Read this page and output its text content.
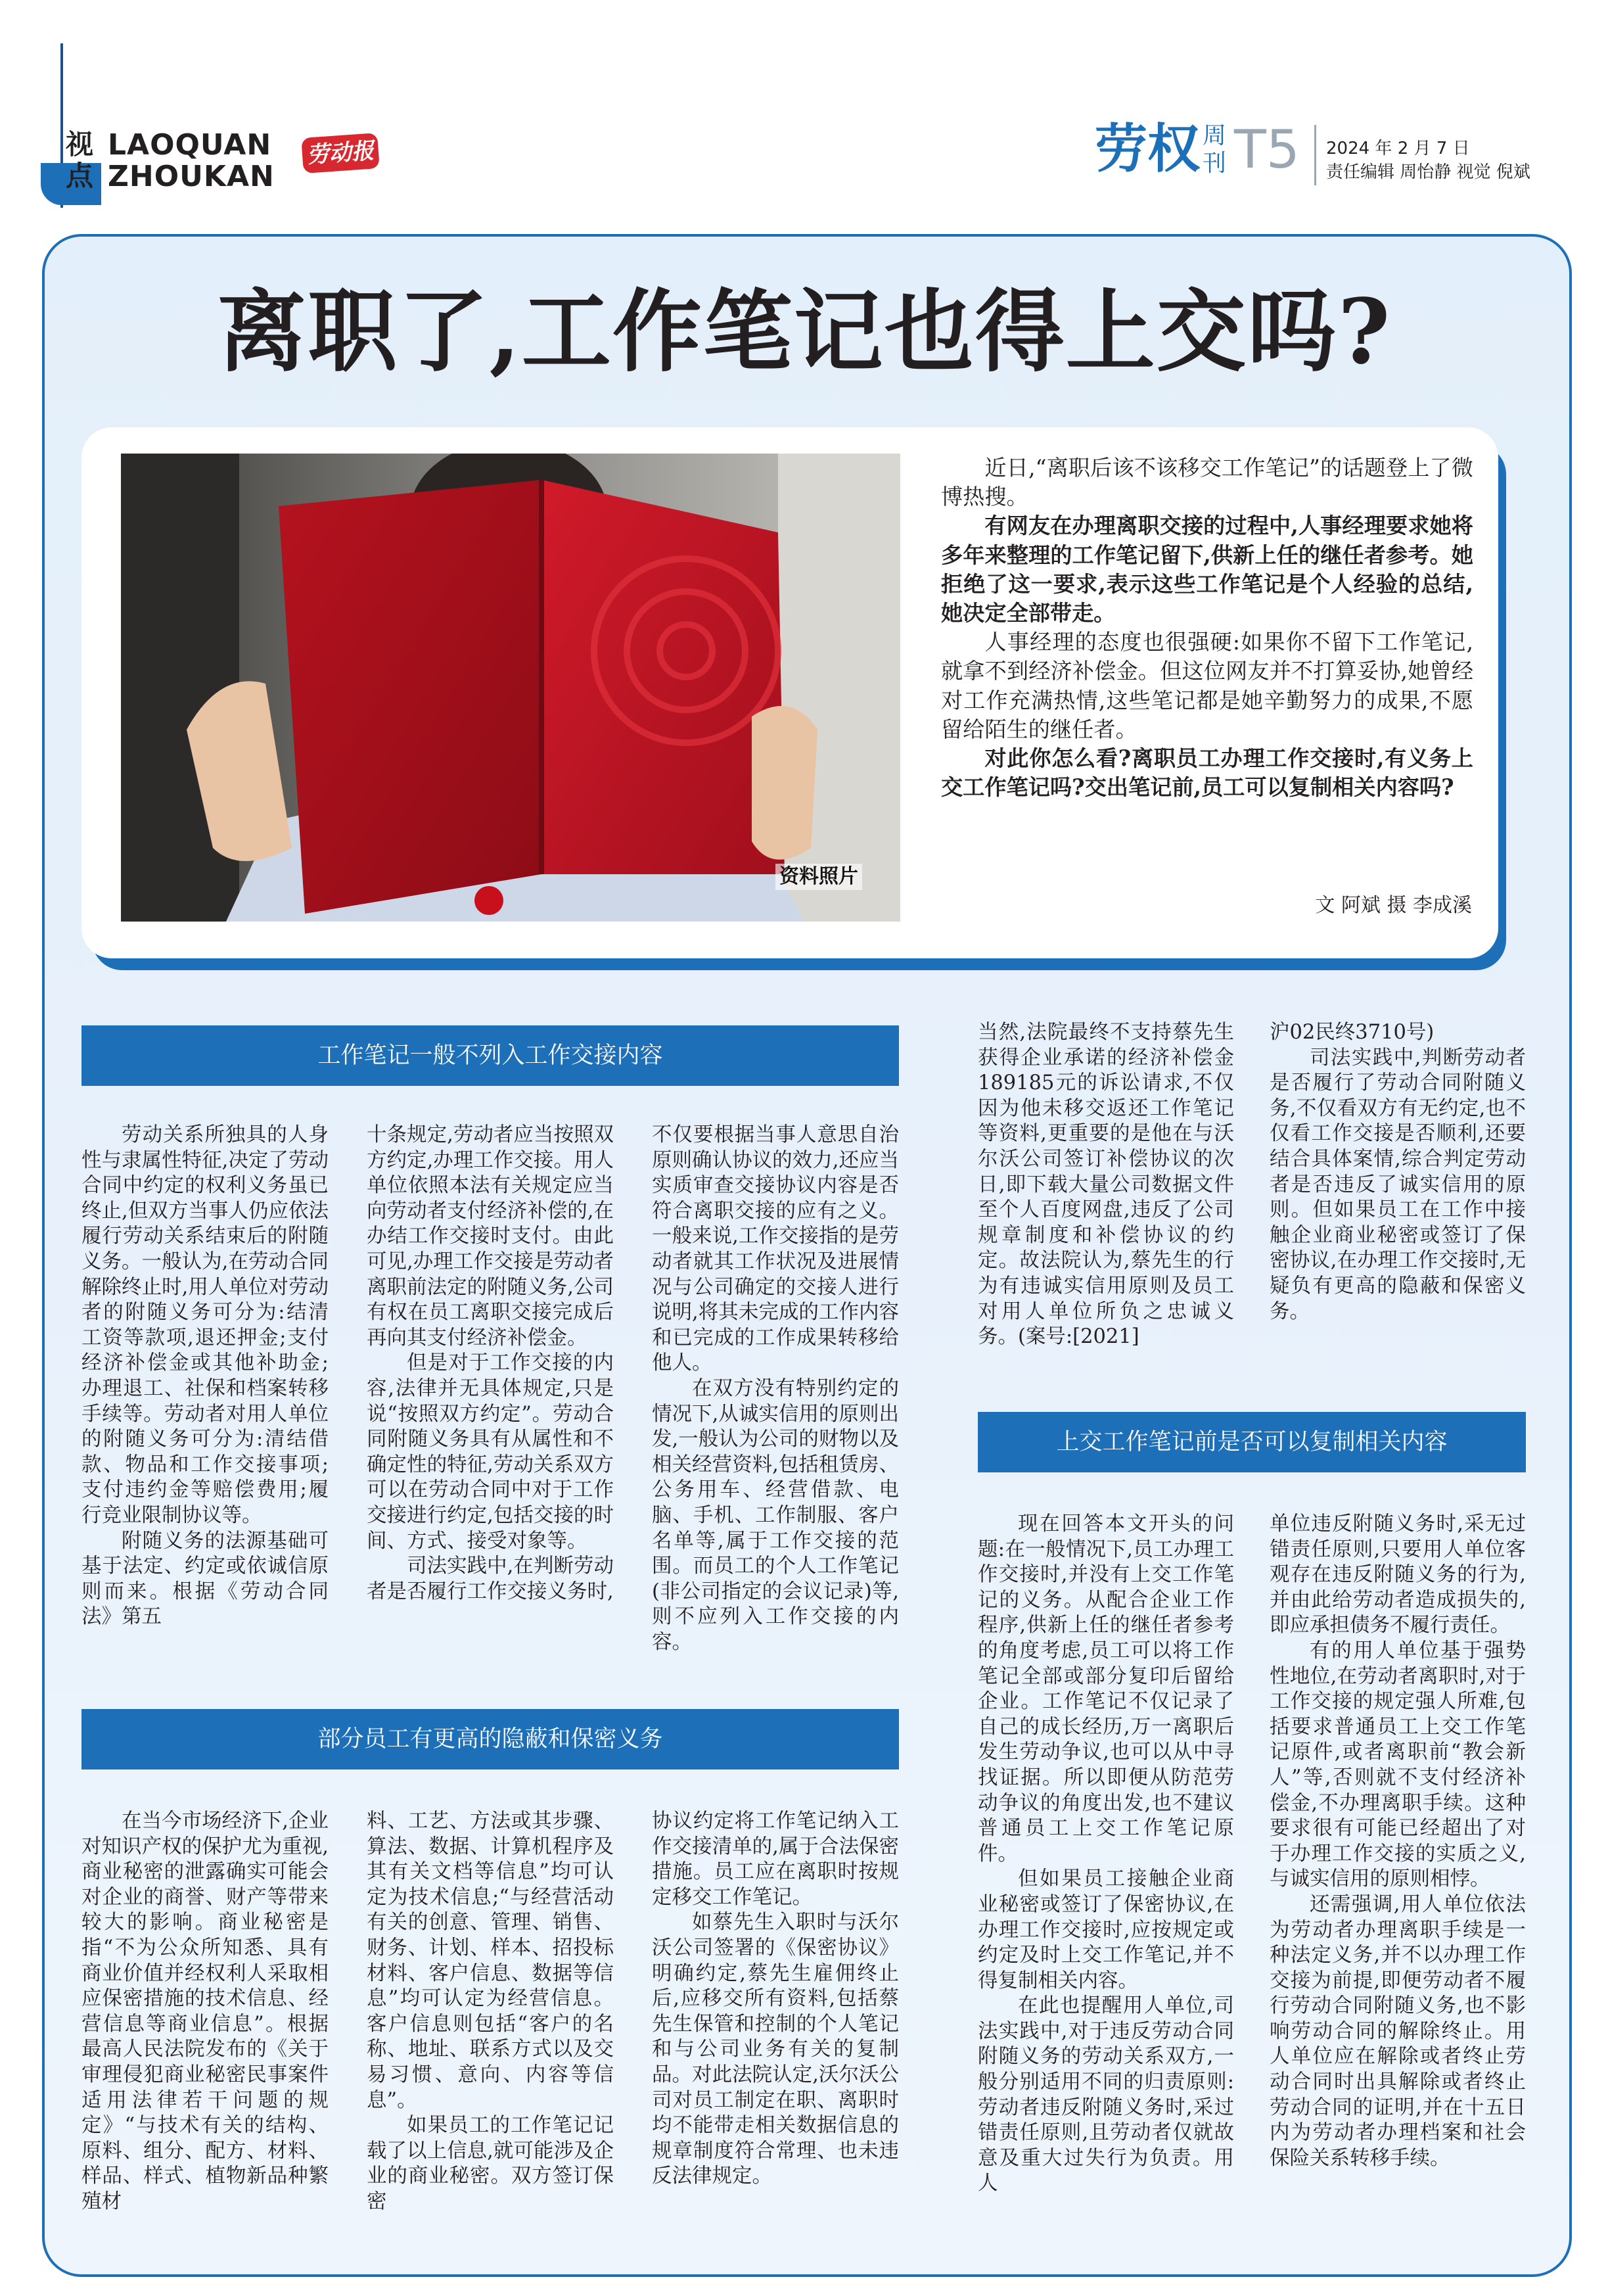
视点
LAOQUAN
ZHOUKAN
劳动报	劳权 周刊 T5 2024 年 2 月 7 日
责任编辑 周怡静 视觉 倪斌
离职了,工作笔记也得上交吗?
资料照片

近日,“离职后该不该移交工作笔记”的话题登上了微博热搜。

有网友在办理离职交接的过程中,人事经理要求她将多年来整理的工作笔记留下,供新上任的继任者参考。她拒绝了这一要求,表示这些工作笔记是个人经验的总结,她决定全部带走。

人事经理的态度也很强硬:如果你不留下工作笔记,就拿不到经济补偿金。但这位网友并不打算妥协,她曾经对工作充满热情,这些笔记都是她辛勤努力的成果,不愿留给陌生的继任者。

对此你怎么看?离职员工办理工作交接时,有义务上交工作笔记吗?交出笔记前,员工可以复制相关内容吗?

文 阿斌 摄 李成溪
工作笔记一般不列入工作交接内容

劳动关系所独具的人身性与隶属性特征,决定了劳动合同中约定的权利义务虽已终止,但双方当事人仍应依法履行劳动关系结束后的附随义务。一般认为,在劳动合同解除终止时,用人单位对劳动者的附随义务可分为:结清工资等款项,退还押金;支付经济补偿金或其他补助金;办理退工、社保和档案转移手续等。劳动者对用人单位的附随义务可分为:清结借款、物品和工作交接事项;支付违约金等赔偿费用;履行竞业限制协议等。

附随义务的法源基础可基于法定、约定或依诚信原则而来。根据《劳动合同法》第五

十条规定,劳动者应当按照双方约定,办理工作交接。用人单位依照本法有关规定应当向劳动者支付经济补偿的,在办结工作交接时支付。由此可见,办理工作交接是劳动者离职前法定的附随义务,公司有权在员工离职交接完成后再向其支付经济补偿金。

但是对于工作交接的内容,法律并无具体规定,只是说“按照双方约定”。劳动合同附随义务具有从属性和不确定性的特征,劳动关系双方可以在劳动合同中对于工作交接进行约定,包括交接的时间、方式、接受对象等。

司法实践中,在判断劳动者是否履行工作交接义务时,

不仅要根据当事人意思自治原则确认协议的效力,还应当实质审查交接协议内容是否符合离职交接的应有之义。一般来说,工作交接指的是劳动者就其工作状况及进展情况与公司确定的交接人进行说明,将其未完成的工作内容和已完成的工作成果转移给他人。

在双方没有特别约定的情况下,从诚实信用的原则出发,一般认为公司的财物以及相关经营资料,包括租赁房、公务用车、经营借款、电脑、手机、工作制服、客户名单等,属于工作交接的范围。而员工的个人工作笔记(非公司指定的会议记录)等,则不应列入工作交接的内容。

部分员工有更高的隐蔽和保密义务

在当今市场经济下,企业对知识产权的保护尤为重视,商业秘密的泄露确实可能会对企业的商誉、财产等带来较大的影响。商业秘密是指“不为公众所知悉、具有商业价值并经权利人采取相应保密措施的技术信息、经营信息等商业信息”。根据最高人民法院发布的《关于审理侵犯商业秘密民事案件适用法律若干问题的规定》“与技术有关的结构、原料、组分、配方、材料、样品、样式、植物新品种繁殖材

料、工艺、方法或其步骤、算法、数据、计算机程序及其有关文档等信息”均可认定为技术信息;“与经营活动有关的创意、管理、销售、财务、计划、样本、招投标材料、客户信息、数据等信息”均可认定为经营信息。客户信息则包括“客户的名称、地址、联系方式以及交易习惯、意向、内容等信息”。

如果员工的工作笔记记载了以上信息,就可能涉及企业的商业秘密。双方签订保密

协议约定将工作笔记纳入工作交接清单的,属于合法保密措施。员工应在离职时按规定移交工作笔记。

如蔡先生入职时与沃尔沃公司签署的《保密协议》明确约定,蔡先生雇佣终止后,应移交所有资料,包括蔡先生保管和控制的个人笔记和与公司业务有关的复制品。对此法院认定,沃尔沃公司对员工制定在职、离职时均不能带走相关数据信息的规章制度符合常理、也未违反法律规定。

当然,法院最终不支持蔡先生获得企业承诺的经济补偿金189185元的诉讼请求,不仅因为他未移交返还工作笔记等资料,更重要的是他在与沃尔沃公司签订补偿协议的次日,即下载大量公司数据文件至个人百度网盘,违反了公司规章制度和补偿协议的约定。故法院认为,蔡先生的行为有违诚实信用原则及员工对用人单位所负之忠诚义务。(案号:[2021]

沪02民终3710号)

司法实践中,判断劳动者是否履行了劳动合同附随义务,不仅看双方有无约定,也不仅看工作交接是否顺利,还要结合具体案情,综合判定劳动者是否违反了诚实信用的原则。但如果员工在工作中接触企业商业秘密或签订了保密协议,在办理工作交接时,无疑负有更高的隐蔽和保密义务。

上交工作笔记前是否可以复制相关内容

现在回答本文开头的问题:在一般情况下,员工办理工作交接时,并没有上交工作笔记的义务。从配合企业工作程序,供新上任的继任者参考的角度考虑,员工可以将工作笔记全部或部分复印后留给企业。工作笔记不仅记录了自己的成长经历,万一离职后发生劳动争议,也可以从中寻找证据。所以即便从防范劳动争议的角度出发,也不建议普通员工上交工作笔记原件。

但如果员工接触企业商业秘密或签订了保密协议,在办理工作交接时,应按规定或约定及时上交工作笔记,并不得复制相关内容。

在此也提醒用人单位,司法实践中,对于违反劳动合同附随义务的劳动关系双方,一般分别适用不同的归责原则:劳动者违反附随义务时,采过错责任原则,且劳动者仅就故意及重大过失行为负责。用人

单位违反附随义务时,采无过错责任原则,只要用人单位客观存在违反附随义务的行为,并由此给劳动者造成损失的,即应承担债务不履行责任。

有的用人单位基于强势性地位,在劳动者离职时,对于工作交接的规定强人所难,包括要求普通员工上交工作笔记原件,或者离职前“教会新人”等,否则就不支付经济补偿金,不办理离职手续。这种要求很有可能已经超出了对于办理工作交接的实质之义,与诚实信用的原则相悖。

还需强调,用人单位依法为劳动者办理离职手续是一种法定义务,并不以办理工作交接为前提,即便劳动者不履行劳动合同附随义务,也不影响劳动合同的解除终止。用人单位应在解除或者终止劳动合同时出具解除或者终止劳动合同的证明,并在十五日内为劳动者办理档案和社会保险关系转移手续。
